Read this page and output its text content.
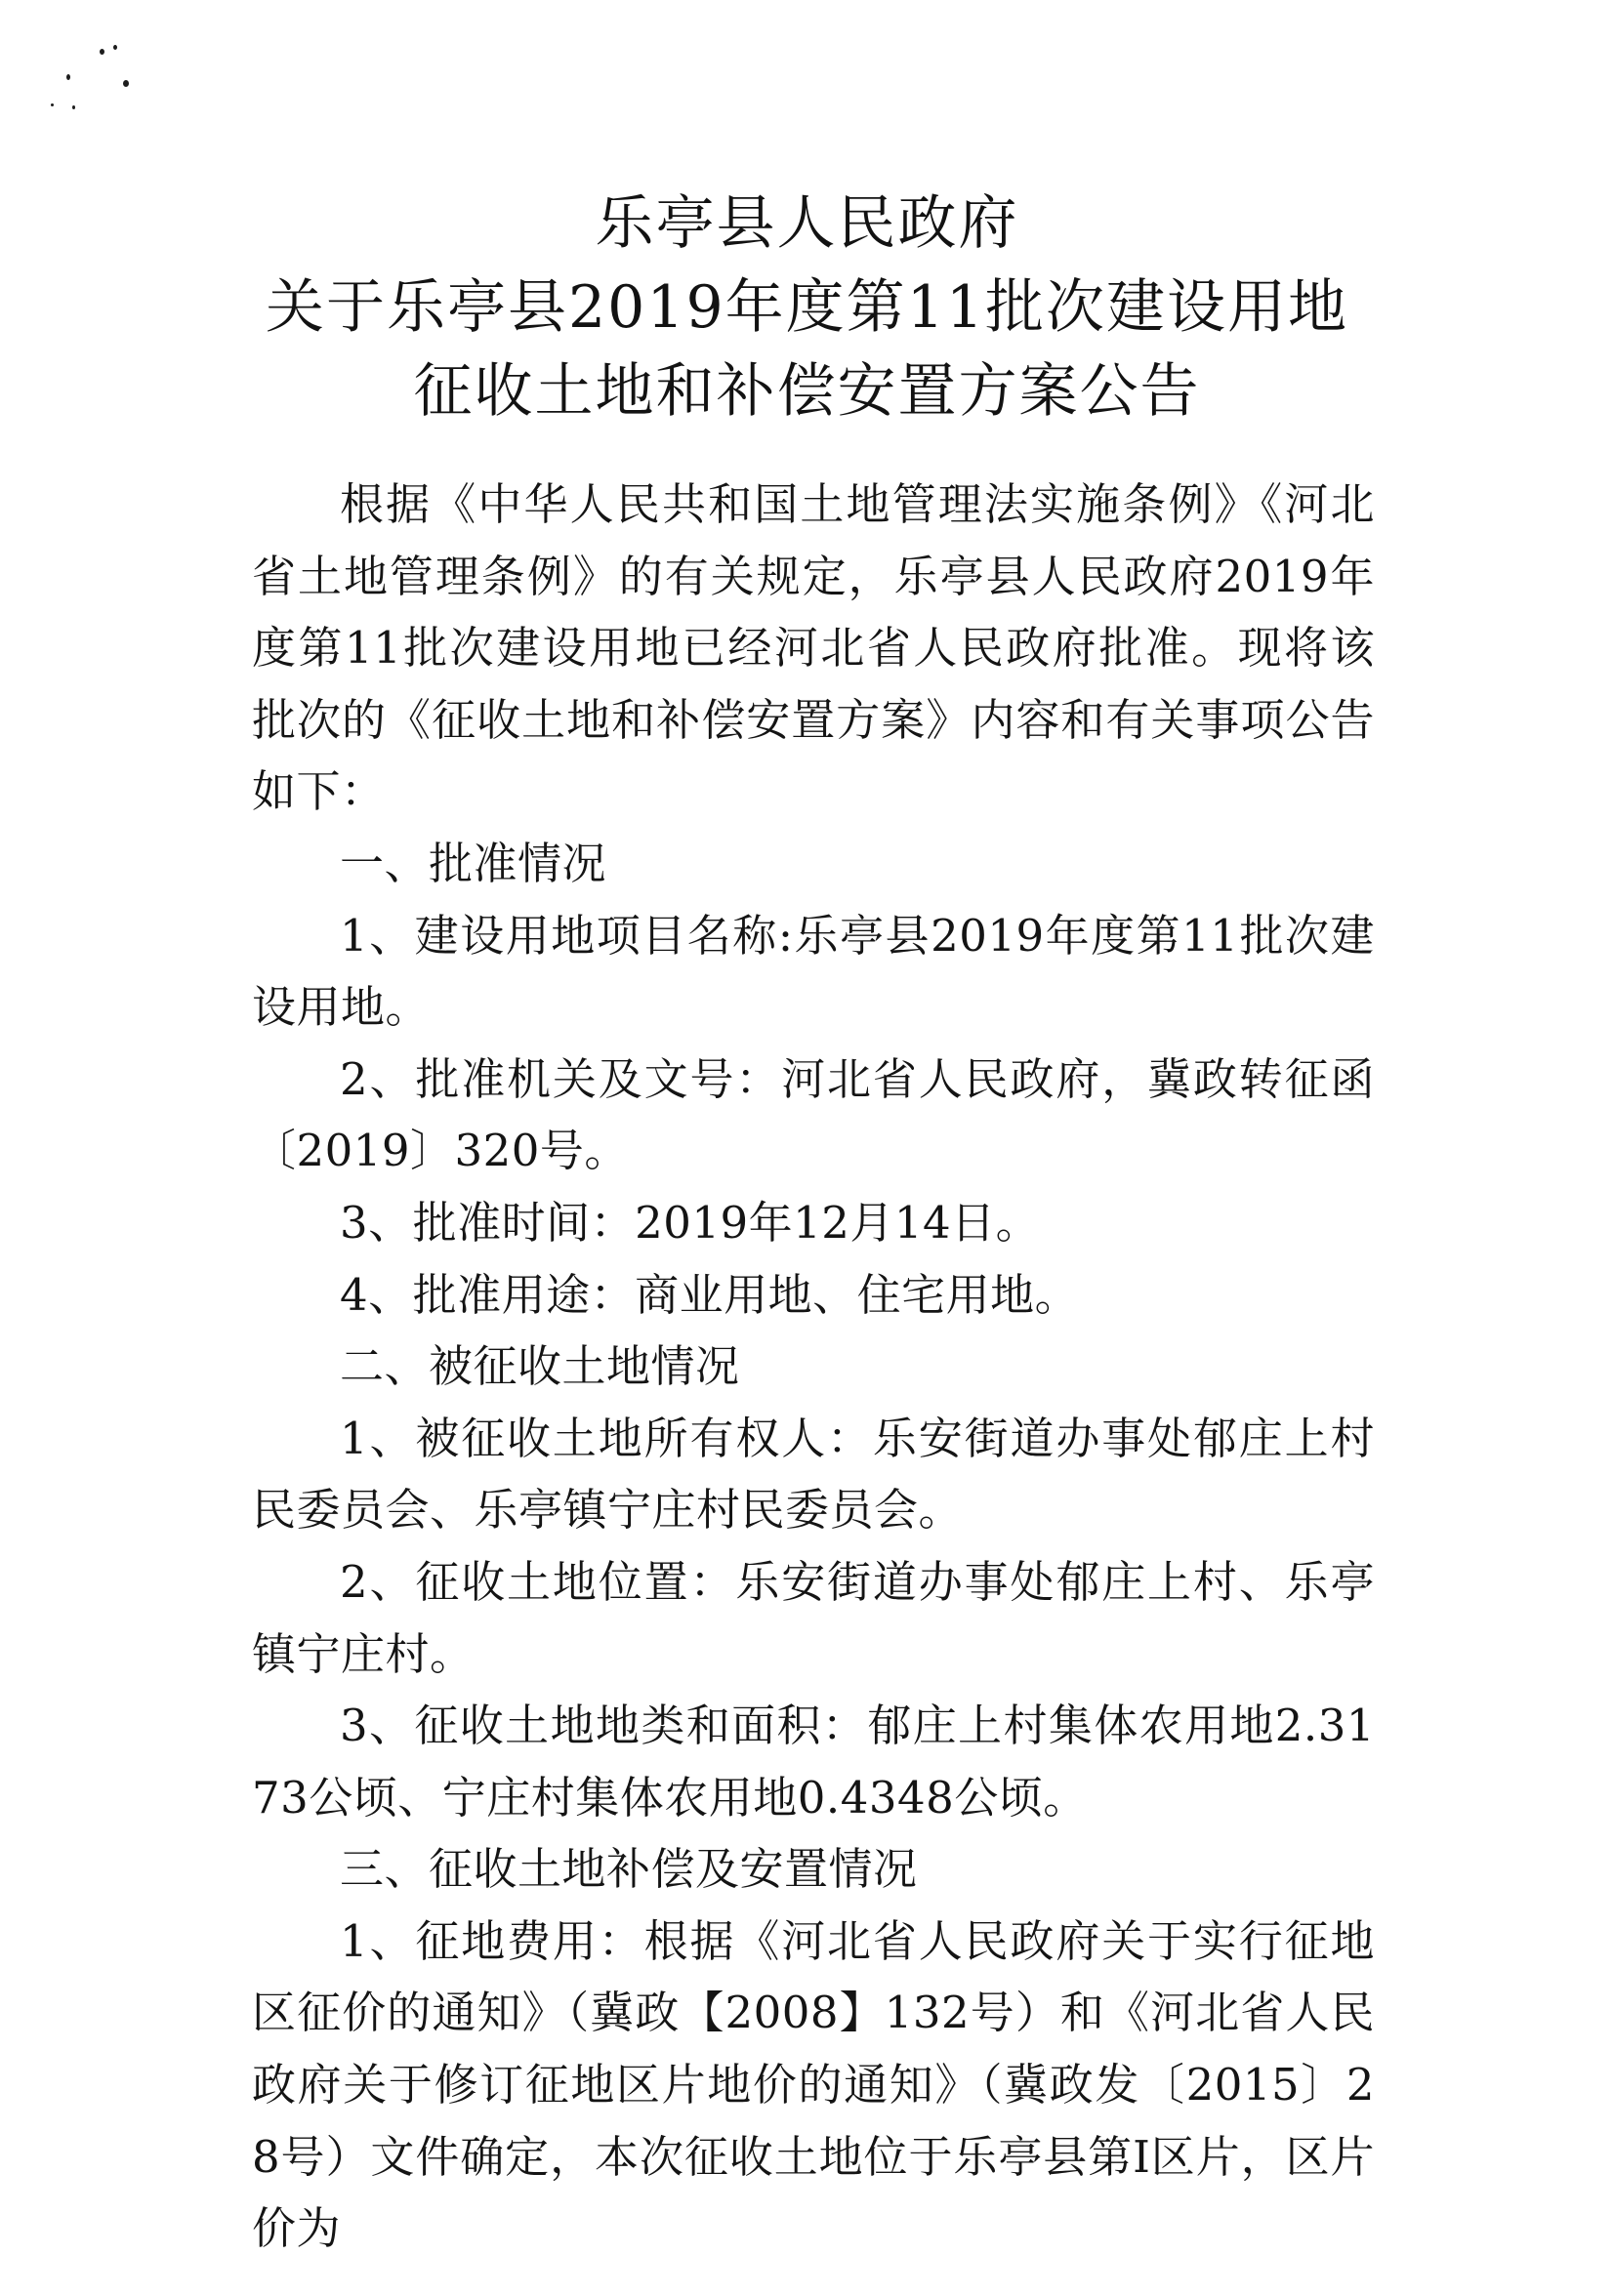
乐亭县人民政府
关于乐亭县2019年度第11批次建设用地
征收土地和补偿安置方案公告

根据《中华人民共和国土地管理法实施条例》《河北省土地管理条例》的有关规定，乐亭县人民政府2019年度第11批次建设用地已经河北省人民政府批准。现将该批次的《征收土地和补偿安置方案》内容和有关事项公告如下：

一、批准情况

1、建设用地项目名称:乐亭县2019年度第11批次建设用地。

2、批准机关及文号：河北省人民政府，冀政转征函〔2019〕320号。

3、批准时间：2019年12月14日。

4、批准用途：商业用地、住宅用地。

二、被征收土地情况

1、被征收土地所有权人：乐安街道办事处郁庄上村民委员会、乐亭镇宁庄村民委员会。

2、征收土地位置：乐安街道办事处郁庄上村、乐亭镇宁庄村。

3、征收土地地类和面积：郁庄上村集体农用地2.3173公顷、宁庄村集体农用地0.4348公顷。

三、征收土地补偿及安置情况

1、征地费用：根据《河北省人民政府关于实行征地区征价的通知》（冀政【2008】132号）和《河北省人民政府关于修订征地区片地价的通知》（冀政发〔2015〕28号）文件确定，本次征收土地位于乐亭县第Ⅰ区片，区片价为
